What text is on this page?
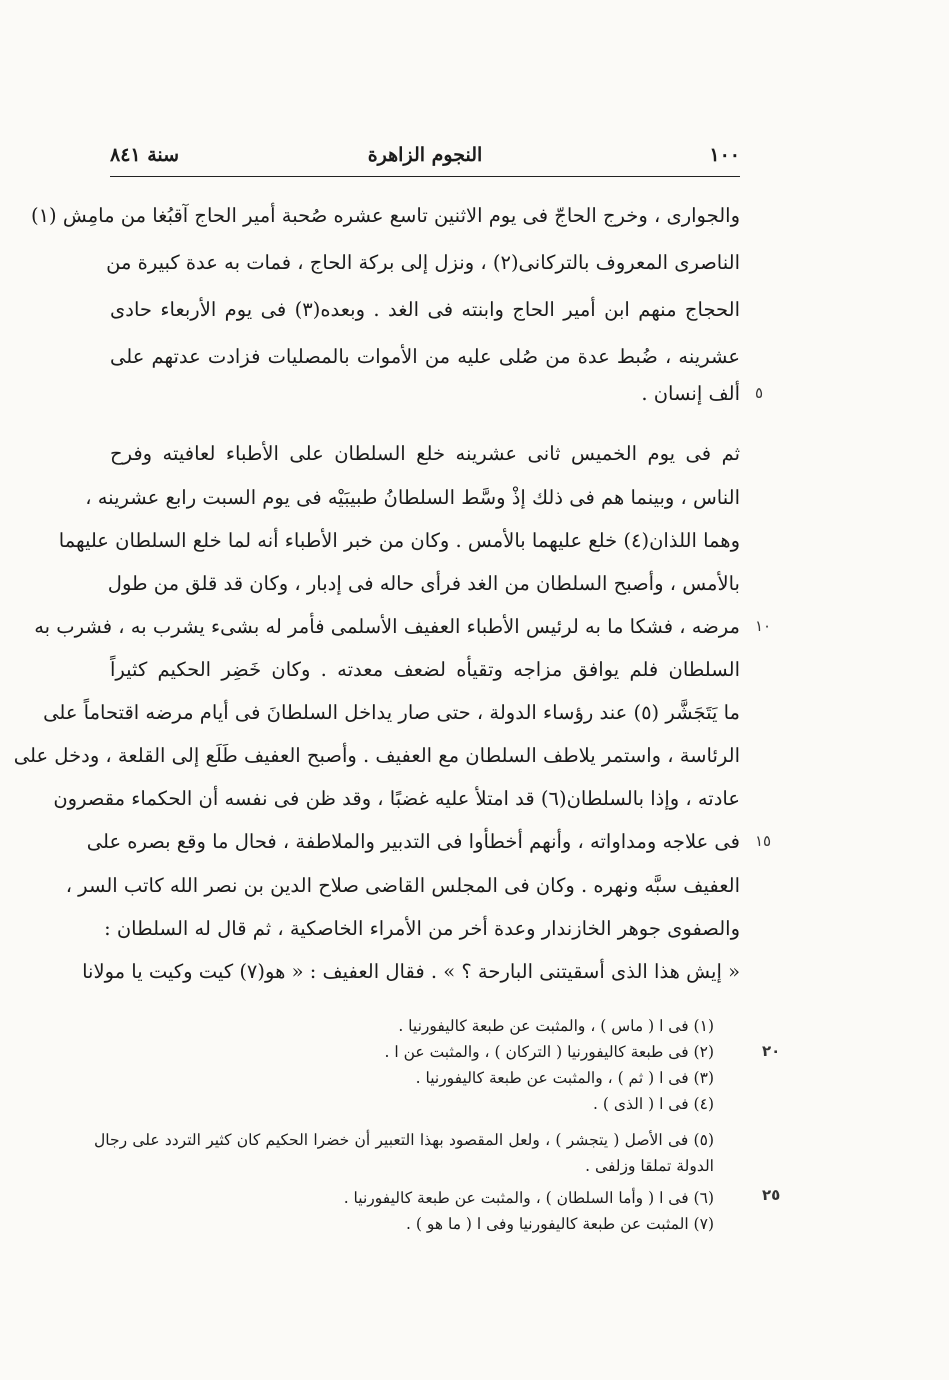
١٠٠
النجوم الزاهرة
سنة ٨٤١
والجوارى ، وخرج الحاجّ فى يوم الاثنين تاسع عشره صُحبة أمير الحاج آقبُغا من مامِش (١)
الناصرى المعروف بالتركانى(٢) ، ونزل إلى بركة الحاج ، فمات به عدة كبيرة من
الحجاج منهم ابن أمير الحاج وابنته فى الغد . وبعده(٣) فى يوم الأربعاء حادى
عشرينه ، ضُبط عدة من صُلى عليه من الأموات بالمصليات فزادت عدتهم على
ألف إنسان .
ثم فى يوم الخميس ثانى عشرينه خلع السلطان على الأطباء لعافيته وفرح
الناس ، وبينما هم فى ذلك إذْ وسَّط السلطانُ طبيبَيْه فى يوم السبت رابع عشرينه ،
وهما اللذان(٤) خلع عليهما بالأمس . وكان من خبر الأطباء أنه لما خلع السلطان عليهما
بالأمس ، وأصبح السلطان من الغد فرأى حاله فى إدبار ، وكان قد قلق من طول
مرضه ، فشكا ما به لرئيس الأطباء العفيف الأسلمى فأمر له بشىء يشرب به ، فشرب به
السلطان فلم يوافق مزاجه وتقيأه لضعف معدته . وكان خَضِر الحكيم كثيراً
ما يَتَجَشَّر (٥) عند رؤساء الدولة ، حتى صار يداخل السلطانَ فى أيام مرضه اقتحاماً على
الرئاسة ، واستمر يلاطف السلطان مع العفيف . وأصبح العفيف طَلَع إلى القلعة ، ودخل على
عادته ، وإذا بالسلطان(٦) قد امتلأ عليه غضبًا ، وقد ظن فى نفسه أن الحكماء مقصرون
فى علاجه ومداواته ، وأنهم أخطأوا فى التدبير والملاطفة ، فحال ما وقع بصره على
العفيف سبَّه ونهره . وكان فى المجلس القاضى صلاح الدين بن نصر الله كاتب السر ،
والصفوى جوهر الخازندار وعدة أخر من الأمراء الخاصكية ، ثم قال له السلطان :
« إيش هذا الذى أسقيتنى البارحة ؟ » . فقال العفيف : « هو(٧) كيت وكيت يا مولانا
٥
١٠
١٥
(١) فى ا ( ماس ) ، والمثبت عن طبعة كاليفورنيا .
(٢) فى طبعة كاليفورنيا ( التركان ) ، والمثبت عن ا .
(٣) فى ا ( ثم ) ، والمثبت عن طبعة كاليفورنيا .
(٤) فى ا ( الذى ) .
(٥) فى الأصل ( يتجشر ) ، ولعل المقصود بهذا التعبير أن خضرا الحكيم كان كثير التردد على رجال
الدولة تملقا وزلفى .
(٦) فى ا ( وأما السلطان ) ، والمثبت عن طبعة كاليفورنيا .
(٧) المثبت عن طبعة كاليفورنيا وفى ا ( ما هو ) .
٢٠
٢٥
